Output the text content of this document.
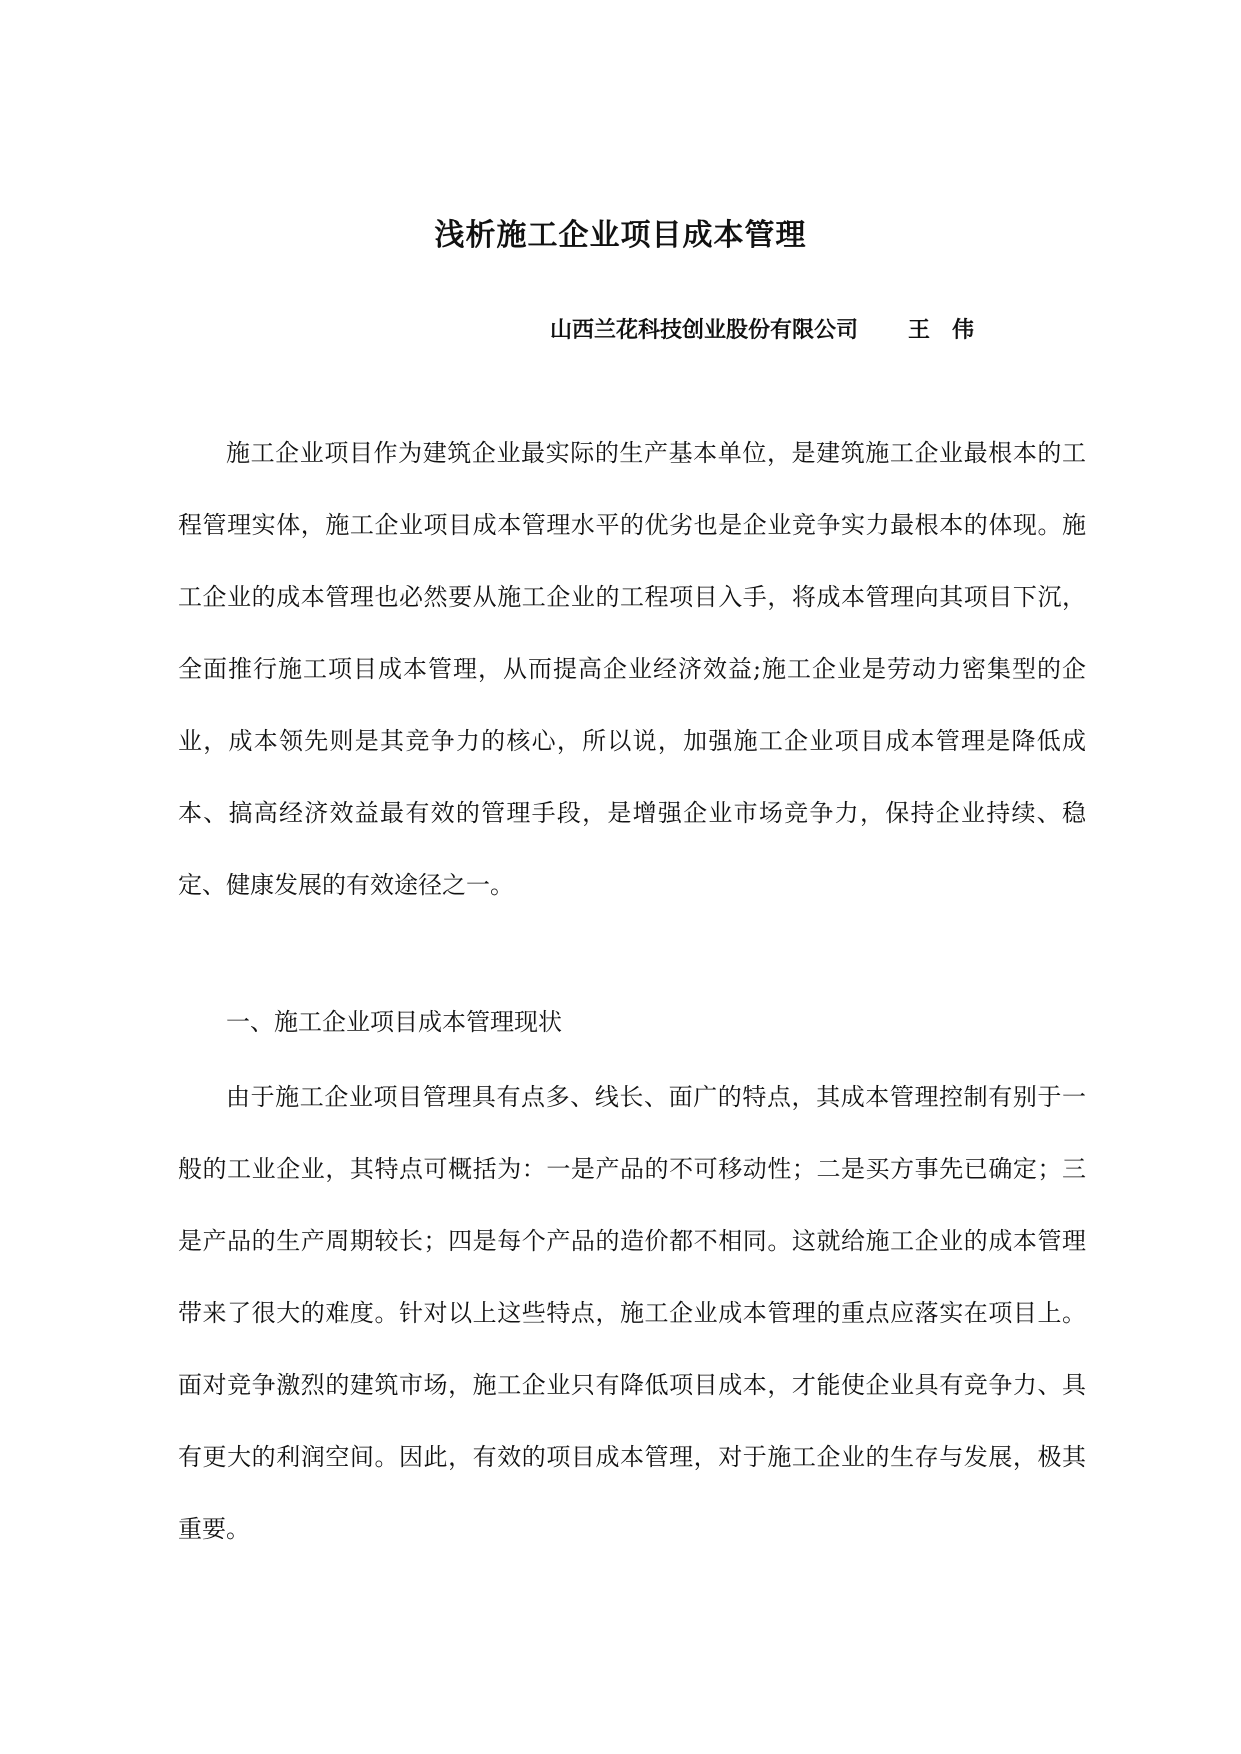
浅析施工企业项目成本管理
山西兰花科技创业股份有限公司 王伟

施工企业项目作为建筑企业最实际的生产基本单位，是建筑施工企业最根本的工程管理实体，施工企业项目成本管理水平的优劣也是企业竞争实力最根本的体现。施工企业的成本管理也必然要从施工企业的工程项目入手，将成本管理向其项目下沉，全面推行施工项目成本管理，从而提高企业经济效益;施工企业是劳动力密集型的企业，成本领先则是其竞争力的核心，所以说，加强施工企业项目成本管理是降低成本、搞高经济效益最有效的管理手段，是增强企业市场竞争力，保持企业持续、稳定、健康发展的有效途径之一。

一、施工企业项目成本管理现状

由于施工企业项目管理具有点多、线长、面广的特点，其成本管理控制有别于一般的工业企业，其特点可概括为：一是产品的不可移动性；二是买方事先已确定；三是产品的生产周期较长；四是每个产品的造价都不相同。这就给施工企业的成本管理带来了很大的难度。针对以上这些特点，施工企业成本管理的重点应落实在项目上。面对竞争激烈的建筑市场，施工企业只有降低项目成本，才能使企业具有竞争力、具有更大的利润空间。因此，有效的项目成本管理，对于施工企业的生存与发展，极其重要。
